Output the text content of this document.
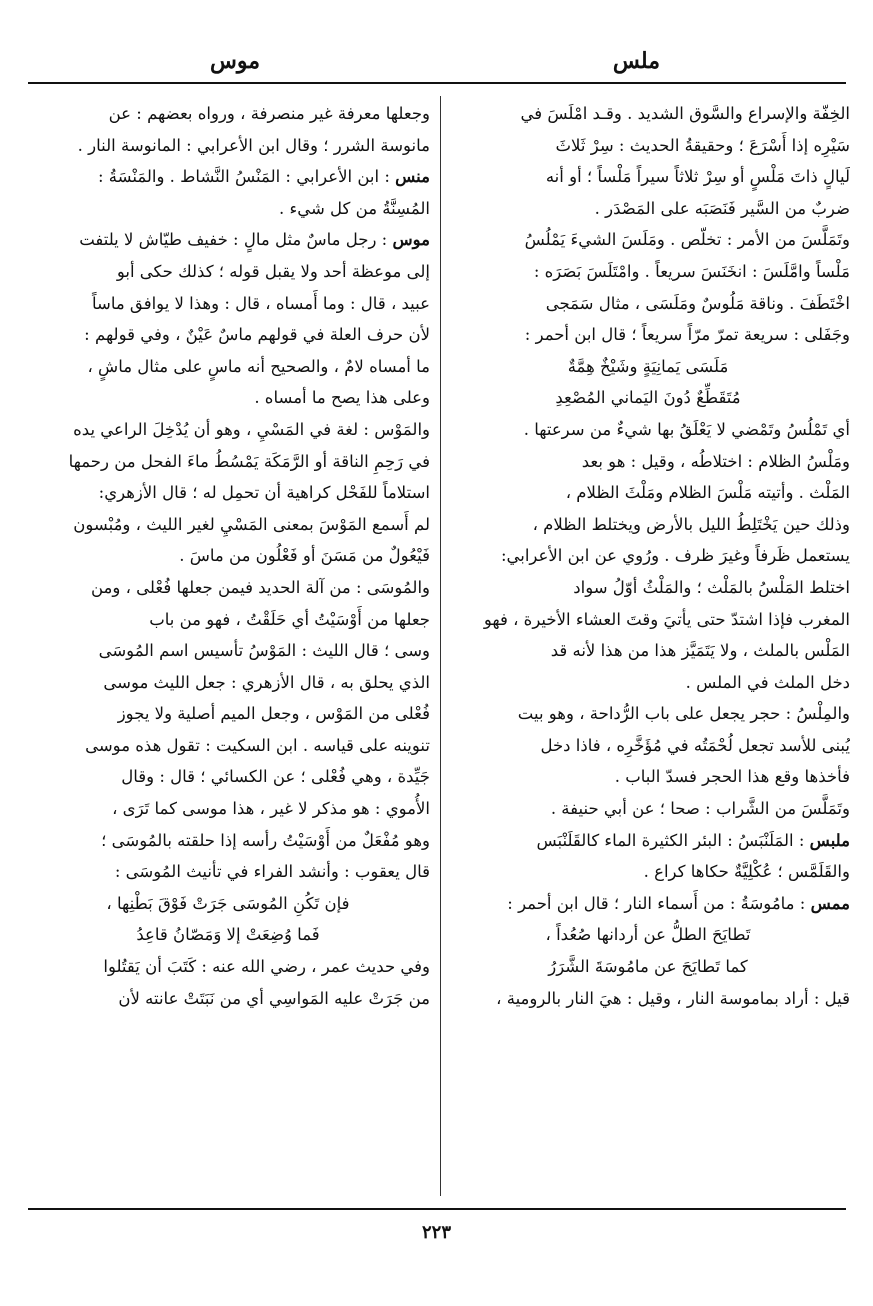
ملس
موس
الخِفّة والإسراع والسَّوق الشديد . وقـد امْلَسَ في
سَيْرِه إذا أَسْرَعَ ؛ وحقيقةُ الحديث : سِرْ ثَلاثَ
لَيالٍ ذاتَ مَلْسٍ أو سِرْ ثلاثاً سيراً مَلْساً ؛ أو أنه
ضربٌ من السَّير فَنَصَبَه على المَصْدَر .
وتَمَلَّسَ من الأمر : تخلّص . ومَلَسَ الشيءَ يَمْلُسُ
مَلْساً وامَّلَسَ : انخَنَسَ سريعاً . وامْتَلَسَ بَصَرَه :
اخْتَطَفَ . وناقة مَلُوسٌ ومَلَسَى ، مثال سَمَجى
وجَفَلى : سريعة تمرّ مرّاً سريعاً ؛ قال ابن أحمر :
مَلَسَى يَمانِيَةٍ وشَيْخٌ هِمَّةٌ
مُتَقَطِّعٌ دُونَ اليَماني المُصْعِدِ
أي تَمْلُسُ وتَمْضي لا يَعْلَقُ بها شيءٌ من سرعتها .
ومَلْسُ الظلام : اختلاطُه ، وقيل : هو بعد
المَلْث . وأتيته مَلْسَ الظلام ومَلْثَ الظلام ،
وذلك حين يَخْتَلِطُ الليل بالأرض ويختلط الظلام ،
يستعمل ظَرفاً وغيرَ ظرف . ورُوي عن ابن الأعرابي:
اختلط المَلْسُ بالمَلْث ؛ والمَلْثُ أوّلُ سواد
المغرب فإذا اشتدّ حتى يأتيَ وقتَ العشاء الأخيرة ، فهو
المَلْس بالملث ، ولا يَتَمَيَّز هذا من هذا لأنه قد
دخل الملث في الملس .
والمِلْسُ : حجر يجعل على باب الرُّداحة ، وهو بيت
يُبنى للأسد تجعل لُحْمَتُه في مُؤَخَّرِه ، فاذا دخل
فأخذها وقع هذا الحجر فسدّ الباب .
وتَمَلَّسَ من الشَّراب : صحا ؛ عن أبي حنيفة .
ملبس : المَلَنْبَسُ : البئر الكثيرة الماء كالقَلَنْبَس
والقَلَمَّس ؛ عُكْلِيَّةٌ حكاها كراع .
ممس : مامُوسَةُ : من أَسماء النار ؛ قال ابن أحمر :
تَطايَحَ الطلُّ عن أردانها صُعُداً ،
كما تَطايَحَ عن مامُوسَةَ الشَّرَرُ
قيل : أراد بماموسة النار ، وقيل : هيَ النار بالرومية ،
وجعلها معرفة غير منصرفة ، ورواه بعضهم : عن
مانوسة الشرر ؛ وقال ابن الأعرابي : المانوسة النار .
منس : ابن الأعرابي : المَنْسُ النَّشاط . والمَنْسَةُ :
المُسِنَّةُ من كل شيء .
موس : رجل ماسٌ مثل مالٍ : خفيف طيّاش لا يلتفت
إلى موعظة أحد ولا يقبل قوله ؛ كذلك حكى أبو
عبيد ، قال : وما أَمساه ، قال : وهذا لا يوافق ماساً
لأن حرف العلة في قولهم ماسٌ عَيْنٌ ، وفي قولهم :
ما أمساه لامٌ ، والصحيح أنه ماسٍ على مثال ماشٍ ،
وعلى هذا يصح ما أمساه .
والمَوْس : لغة في المَسْيِ ، وهو أن يُدْخِلَ الراعي يده
في رَحِمِ الناقة أو الرَّمَكَة يَمْسُطُ ماءَ الفحل من رحمها
استلاماً للفَحْل كراهية أن تحمِل له ؛ قال الأزهري:
لم أَسمع المَوْسَ بمعنى المَسْيِ لغير الليث ، ومُبْسون
فَيْعُولٌ من مَسَنَ أو فَعْلُون من ماسَ .
والمُوسَى : من آلة الحديد فيمن جعلها فُعْلى ، ومن
جعلها من أَوْسَيْتُ أي حَلَقْتُ ، فهو من باب
وسى ؛ قال الليث : المَوْسُ تأسيس اسم المُوسَى
الذي يحلق به ، قال الأزهري : جعل الليث موسى
فُعْلى من المَوْس ، وجعل الميم أصلية ولا يجوز
تنوينه على قياسه . ابن السكيت : تقول هذه موسى
جَيِّدة ، وهي فُعْلى ؛ عن الكسائي ؛ قال : وقال
الأُموي : هو مذكر لا غير ، هذا موسى كما تَرَى ،
وهو مُفْعَلٌ من أَوْسَيْتُ رأسه إذا حلقته بالمُوسَى ؛
قال يعقوب : وأنشد الفراء في تأنيث المُوسَى :
فإن تَكُنِ المُوسَى جَرَتْ فَوْقَ بَطْنِها ،
فَما وُضِعَتْ إلا وَمَصّانُ قاعِدُ
وفي حديث عمر ، رضي الله عنه : كَتَبَ أن يَقتُلوا
من جَرَتْ عليه المَواسِي أي من نَبَتَتْ عانته لأن
٢٢٣
